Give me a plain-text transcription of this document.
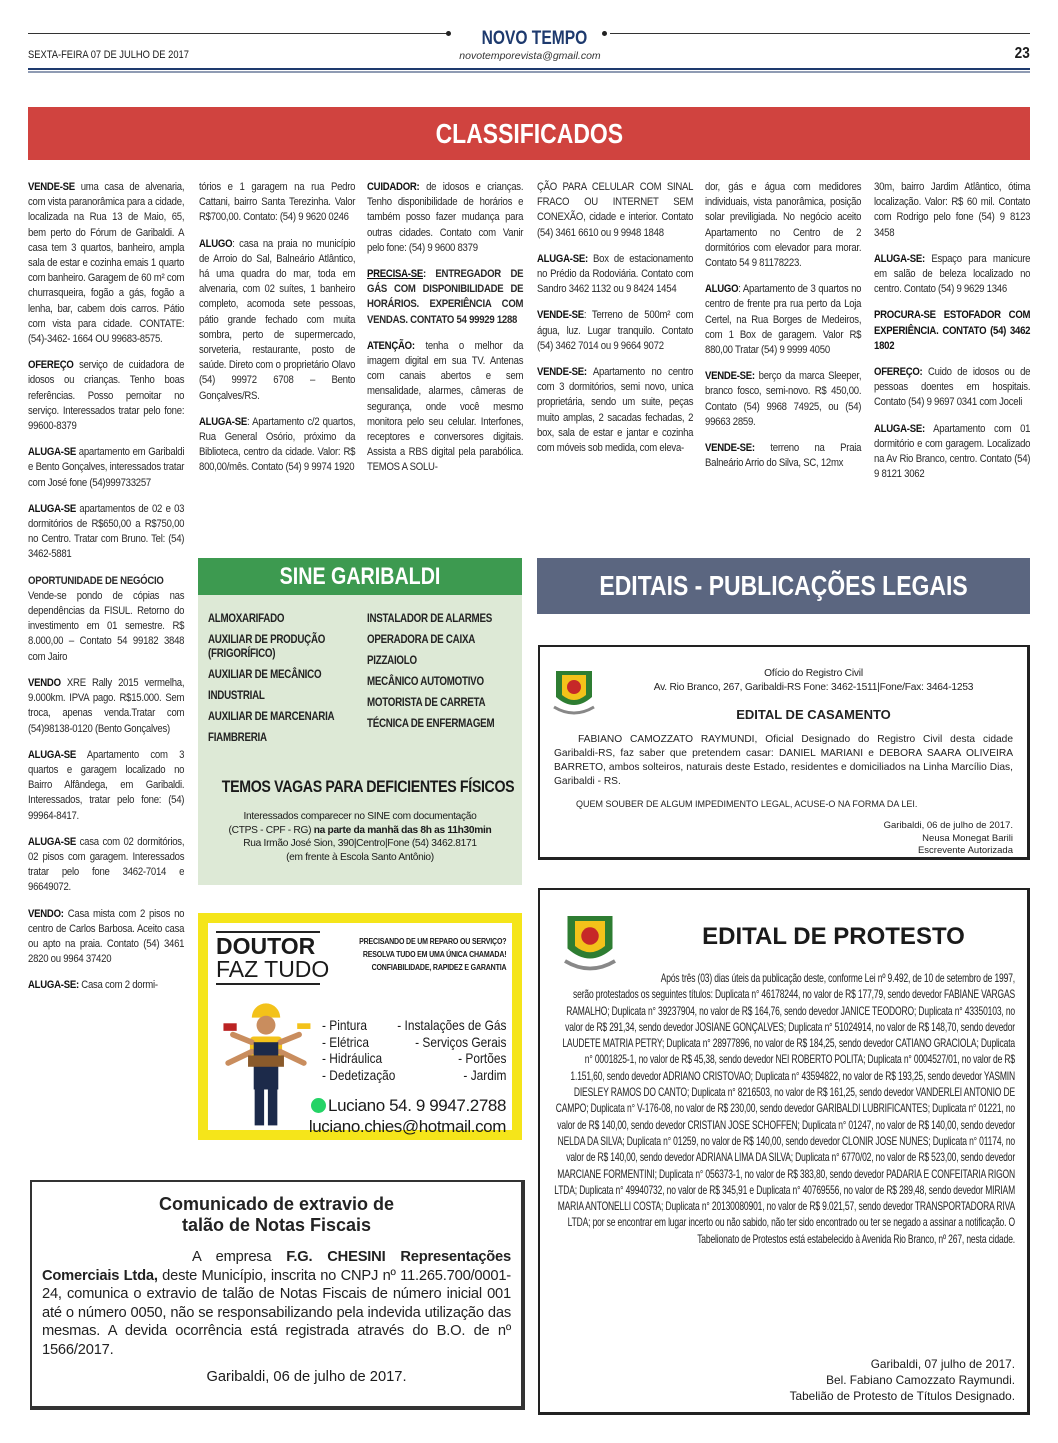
NOVO TEMPO
SEXTA-FEIRA 07 DE JULHO DE 2017	novotemporevista@gmail.com	23
CLASSIFICADOS
VENDE-SE uma casa de alvenaria, com vista paranorâmica para a cidade, localizada na Rua 13 de Maio, 65, bem perto do Fórum de Garibaldi. A casa tem 3 quartos, banheiro, ampla sala de estar e cozinha emais 1 quarto com banheiro. Garagem de 60 m² com churrasqueira, fogão a gás, fogão a lenha, bar, cabem dois carros. Pátio com vista para cidade. CONTATE: (54)-3462- 1664 OU 99683-8575.
OFEREÇO serviço de cuidadora de idosos ou crianças. Tenho boas referências. Posso pernoitar no serviço. Interessados tratar pelo fone: 99600-8379
ALUGA-SE apartamento em Garibaldi e Bento Gonçalves, interessados tratar com José fone (54)999733257
ALUGA-SE apartamentos de 02 e 03 dormitórios de R$650,00 a R$750,00 no Centro. Tratar com Bruno. Tel: (54) 3462-5881
OPORTUNIDADE DE NEGÓCIO
Vende-se pondo de cópias nas dependências da FISUL. Retorno do investimento em 01 semestre. R$ 8.000,00 – Contato 54 99182 3848 com Jairo
VENDO XRE Rally 2015 vermelha, 9.000km. IPVA pago. R$15.000. Sem troca, apenas venda.Tratar com (54)98138-0120 (Bento Gonçalves)
ALUGA-SE Apartamento com 3 quartos e garagem localizado no Bairro Alfândega, em Garibaldi. Interessados, tratar pelo fone: (54) 99964-8417.
ALUGA-SE casa com 02 dormitórios, 02 pisos com garagem. Interessados tratar pelo fone 3462-7014 e 96649072.
VENDO: Casa mista com 2 pisos no centro de Carlos Barbosa. Aceito casa ou apto na praia. Contato (54) 3461 2820 ou 9964 37420
ALUGA-SE: Casa com 2 dormi-
tórios e 1 garagem na rua Pedro Cattani, bairro Santa Terezinha. Valor R$700,00. Contato: (54) 9 9620 0246
ALUGO: casa na praia no município de Arroio do Sal, Balneário Atlântico, há uma quadra do mar, toda em alvenaria, com 02 suítes, 1 banheiro completo, acomoda sete pessoas, pátio grande fechado com muita sombra, perto de supermercado, sorveteria, restaurante, posto de saúde. Direto com o proprietário Olavo (54) 99972 6708 – Bento Gonçalves/RS.
ALUGA-SE: Apartamento c/2 quartos, Rua General Osório, próximo da Biblioteca, centro da cidade. Valor: R$ 800,00/mês. Contato (54) 9 9974 1920
CUIDADOR: de idosos e crianças. Tenho disponibilidade de horários e também posso fazer mudança para outras cidades. Contato com Vanir pelo fone: (54) 9 9600 8379
PRECISA-SE: ENTREGADOR DE GÁS COM DISPONIBILIDADE DE HORÁRIOS. EXPERIÊNCIA COM VENDAS. CONTATO 54 99929 1288
ATENÇÃO: tenha o melhor da imagem digital em sua TV. Antenas com canais abertos e sem mensalidade, alarmes, câmeras de segurança, onde você mesmo monitora pelo seu celular. Interfones, receptores e conversores digitais. Assista a RBS digital pela parabólica. TEMOS A SOLU-
ÇÃO PARA CELULAR COM SINAL FRACO OU INTERNET SEM CONEXÃO, cidade e interior. Contato (54) 3461 6610 ou 9 9948 1848
ALUGA-SE: Box de estacionamento no Prédio da Rodoviária. Contato com Sandro 3462 1132 ou 9 8424 1454
VENDE-SE: Terreno de 500m² com água, luz. Lugar tranquilo. Contato (54) 3462 7014 ou 9 9664 9072
VENDE-SE: Apartamento no centro com 3 dormitórios, semi novo, unica proprietária, sendo um suite, peças muito amplas, 2 sacadas fechadas, 2 box, sala de estar e jantar e cozinha com móveis sob medida, com eleva-
dor, gás e água com medidores individuais, vista panorâmica, posição solar previligiada. No negócio aceito Apartamento no Centro de 2 dormitórios com elevador para morar. Contato 54 9 81178223.
ALUGO: Apartamento de 3 quartos no centro de frente pra rua perto da Loja Certel, na Rua Borges de Medeiros, com 1 Box de garagem. Valor R$ 880,00 Tratar (54) 9 9999 4050
VENDE-SE: berço da marca Sleeper, branco fosco, semi-novo. R$ 450,00. Contato (54) 9968 74925, ou (54) 99663 2859.
VENDE-SE: terreno na Praia Balneário Arrio do Silva, SC, 12mx
30m, bairro Jardim Atlântico, ótima localização. Valor: R$ 60 mil. Contato com Rodrigo pelo fone (54) 9 8123 3458
ALUGA-SE: Espaço para manicure em salão de beleza localizado no centro. Contato (54) 9 9629 1346
PROCURA-SE ESTOFADOR COM EXPERIÊNCIA. CONTATO (54) 3462 1802
OFEREÇO: Cuido de idosos ou de pessoas doentes em hospitais. Contato (54) 9 9697 0341 com Joceli
ALUGA-SE: Apartamento com 01 dormitório e com garagem. Localizado na Av Rio Branco, centro. Contato (54) 9 8121 3062
SINE GARIBALDI
ALMOXARIFADO
AUXILIAR DE PRODUÇÃO (FRIGORÍFICO)
AUXILIAR DE MECÂNICO
INDUSTRIAL
AUXILIAR DE MARCENARIA
FIAMBRERIA
INSTALADOR DE ALARMES
OPERADORA DE CAIXA
PIZZAIOLO
MECÂNICO AUTOMOTIVO
MOTORISTA DE CARRETA
TÉCNICA DE ENFERMAGEM
TEMOS VAGAS PARA DEFICIENTES FÍSICOS
Interessados comparecer no SINE com documentação
(CTPS - CPF - RG) na parte da manhã das 8h as 11h30min
Rua Irmão José Sion, 390|Centro|Fone (54) 3462.8171
(em frente à Escola Santo Antônio)
DOUTOR
FAZ TUDO
PRECISANDO DE UM REPARO OU SERVIÇO?
RESOLVA TUDO EM UMA ÚNICA CHAMADA!
CONFIABILIDADE, RAPIDEZ E GARANTIA
- Pintura
- Elétrica
- Hidráulica
- Dedetização
- Instalações de Gás
- Serviços Gerais
- Portões
- Jardim
Luciano 54. 9 9947.2788
luciano.chies@hotmail.com
Comunicado de extravio de
talão de Notas Fiscais
A empresa F.G. CHESINI Representações Comerciais Ltda, deste Município, inscrita no CNPJ nº 11.265.700/0001-24, comunica o extravio de talão de Notas Fiscais de número inicial 001 até o número 0050, não se responsabilizando pela indevida utilização das mesmas. A devida ocorrência está registrada através do B.O. de nº 1566/2017.
Garibaldi, 06 de julho de 2017.
EDITAIS - PUBLICAÇÕES LEGAIS
Ofício do Registro Civil
Av. Rio Branco, 267, Garibaldi-RS Fone: 3462-1511|Fone/Fax: 3464-1253
EDITAL DE CASAMENTO
FABIANO CAMOZZATO RAYMUNDI, Oficial Designado do Registro Civil desta cidade Garibaldi-RS, faz saber que pretendem casar: DANIEL MARIANI e DEBORA SAARA OLIVEIRA BARRETO, ambos solteiros, naturais deste Estado, residentes e domiciliados na Linha Marcílio Dias, Garibaldi - RS.
QUEM SOUBER DE ALGUM IMPEDIMENTO LEGAL, ACUSE-O NA FORMA DA LEI.
Garibaldi, 06 de julho de 2017.
Neusa Monegat Barili
Escrevente Autorizada
EDITAL DE PROTESTO
Após três (03) dias úteis da publicação deste, conforme Lei nº 9.492, de 10 de setembro de 1997, serão protestados os seguintes títulos: Duplicata n° 46178244, no valor de R$ 177,79, sendo devedor FABIANE VARGAS RAMALHO; Duplicata n° 39237904, no valor de R$ 164,76, sendo devedor JANICE TEODORO; Duplicata n° 43350103, no valor de R$ 291,34, sendo devedor JOSIANE GONÇALVES; Duplicata n° 51024914, no valor de R$ 148,70, sendo devedor LAUDETE MATRIA PETRY; Duplicata n° 28977896, no valor de R$ 184,25, sendo devedor CATIANO GRACIOLA; Duplicata n° 0001825-1, no valor de R$ 45,38, sendo devedor NEI ROBERTO POLITA; Duplicata n° 0004527/01, no valor de R$ 1.151,60, sendo devedor ADRIANO CRISTOVAO; Duplicata n° 43594822, no valor de R$ 193,25, sendo devedor YASMIN DIESLEY RAMOS DO CANTO; Duplicata n° 8216503, no valor de R$ 161,25, sendo devedor VANDERLEI ANTONIO DE CAMPO; Duplicata n° V-176-08, no valor de R$ 230,00, sendo devedor GARIBALDI LUBRIFICANTES; Duplicata n° 01221, no valor de R$ 140,00, sendo devedor CRISTIAN JOSE SCHOFFEN; Duplicata n° 01247, no valor de R$ 140,00, sendo devedor NELDA DA SILVA; Duplicata n° 01259, no valor de R$ 140,00, sendo devedor CLONIR JOSE NUNES; Duplicata n° 01174, no valor de R$ 140,00, sendo devedor ADRIANA LIMA DA SILVA; Duplicata n° 6770/02, no valor de R$ 523,00, sendo devedor MARCIANE FORMENTINI; Duplicata n° 056373-1, no valor de R$ 383,80, sendo devedor PADARIA E CONFEITARIA RIGON LTDA; Duplicata n° 49940732, no valor de R$ 345,91 e Duplicata n° 40769556, no valor de R$ 289,48, sendo devedor MIRIAM MARIA ANTONELLI COSTA; Duplicata n° 20130080901, no valor de R$ 9.021,57, sendo devedor TRANSPORTADORA RIVA LTDA; por se encontrar em lugar incerto ou não sabido, não ter sido encontrado ou ter se negado a assinar a notificação. O Tabelionato de Protestos está estabelecido à Avenida Rio Branco, nº 267, nesta cidade.
Garibaldi, 07 julho de 2017.
Bel. Fabiano Camozzato Raymundi.
Tabelião de Protesto de Títulos Designado.
